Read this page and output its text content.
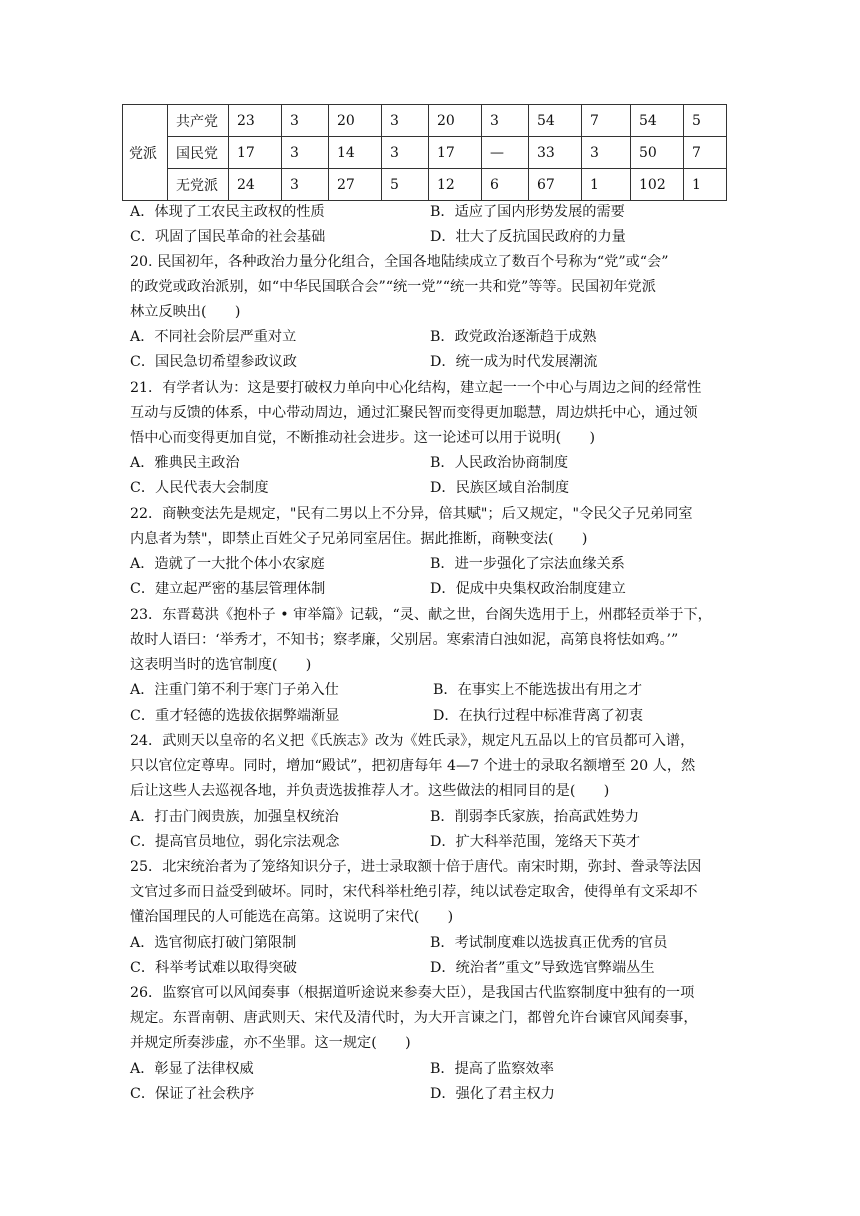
党派	共产党	23	3	20	3	20	3	54	7	54	5
	国民党	17	3	14	3	17	—	33	3	50	7
	无党派	24	3	27	5	12	6	67	1	102	1
A．体现了工农民主政权的性质	B．适应了国内形势发展的需要
C．巩固了国民革命的社会基础	D．壮大了反抗国民政府的力量
20. 民国初年，各种政治力量分化组合，全国各地陆续成立了数百个号称为“党”或“会”
的政党或政治派别，如“中华民国联合会”“统一党”“统一共和党”等等。民国初年党派
林立反映出(　　)
A．不同社会阶层严重对立	B．政党政治逐渐趋于成熟
C．国民急切希望参政议政	D．统一成为时代发展潮流
21．有学者认为：这是要打破权力单向中心化结构，建立起一一个中心与周边之间的经常性
互动与反馈的体系，中心带动周边，通过汇聚民智而变得更加聪慧，周边烘托中心，通过领
悟中心而变得更加自觉，不断推动社会进步。这一论述可以用于说明(　　)
A．雅典民主政治	B．人民政治协商制度
C．人民代表大会制度	D．民族区域自治制度
22．商鞅变法先是规定，"民有二男以上不分异，倍其赋"；后又规定，"令民父子兄弟同室
内息者为禁"，即禁止百姓父子兄弟同室居住。据此推断，商鞅变法(　　)
A．造就了一大批个体小农家庭	B．进一步强化了宗法血缘关系
C．建立起严密的基层管理体制	D．促成中央集权政治制度建立
23．东晋葛洪《抱朴子 • 审举篇》记载，“灵、献之世，台阁失选用于上，州郡轻贡举于下，
故时人语曰：‘举秀才，不知书；察孝廉，父别居。寒索清白浊如泥，高第良将怯如鸡。’”
这表明当时的选官制度(　　)
A．注重门第不利于寒门子弟入仕	B．在事实上不能选拔出有用之才
C．重才轻德的选拔依据弊端渐显	D．在执行过程中标准背离了初衷
24．武则天以皇帝的名义把《氏族志》改为《姓氏录》，规定凡五品以上的官员都可入谱，
只以官位定尊卑。同时，增加“殿试”，把初唐每年 4—7 个进士的录取名额增至 20 人，然
后让这些人去巡视各地，并负责选拔推荐人才。这些做法的相同目的是(　　)
A．打击门阀贵族，加强皇权统治	B．削弱李氏家族，抬高武姓势力
C．提高官员地位，弱化宗法观念	D．扩大科举范围，笼络天下英才
25．北宋统治者为了笼络知识分子，进士录取额十倍于唐代。南宋时期，弥封、誊录等法因
文官过多而日益受到破坏。同时，宋代科举杜绝引荐，纯以试卷定取舍，使得单有文采却不
懂治国理民的人可能选在高第。这说明了宋代(　　)
A．选官彻底打破门第限制	B．考试制度难以选拔真正优秀的官员
C．科举考试难以取得突破	D．统治者”重文”导致选官弊端丛生
26．监察官可以风闻奏事（根据道听途说来参奏大臣），是我国古代监察制度中独有的一项
规定。东晋南朝、唐武则天、宋代及清代时，为大开言谏之门，都曾允许台谏官风闻奏事，
并规定所奏涉虚，亦不坐罪。这一规定(　　)
A．彰显了法律权威	B．提高了监察效率
C．保证了社会秩序	D．强化了君主权力
